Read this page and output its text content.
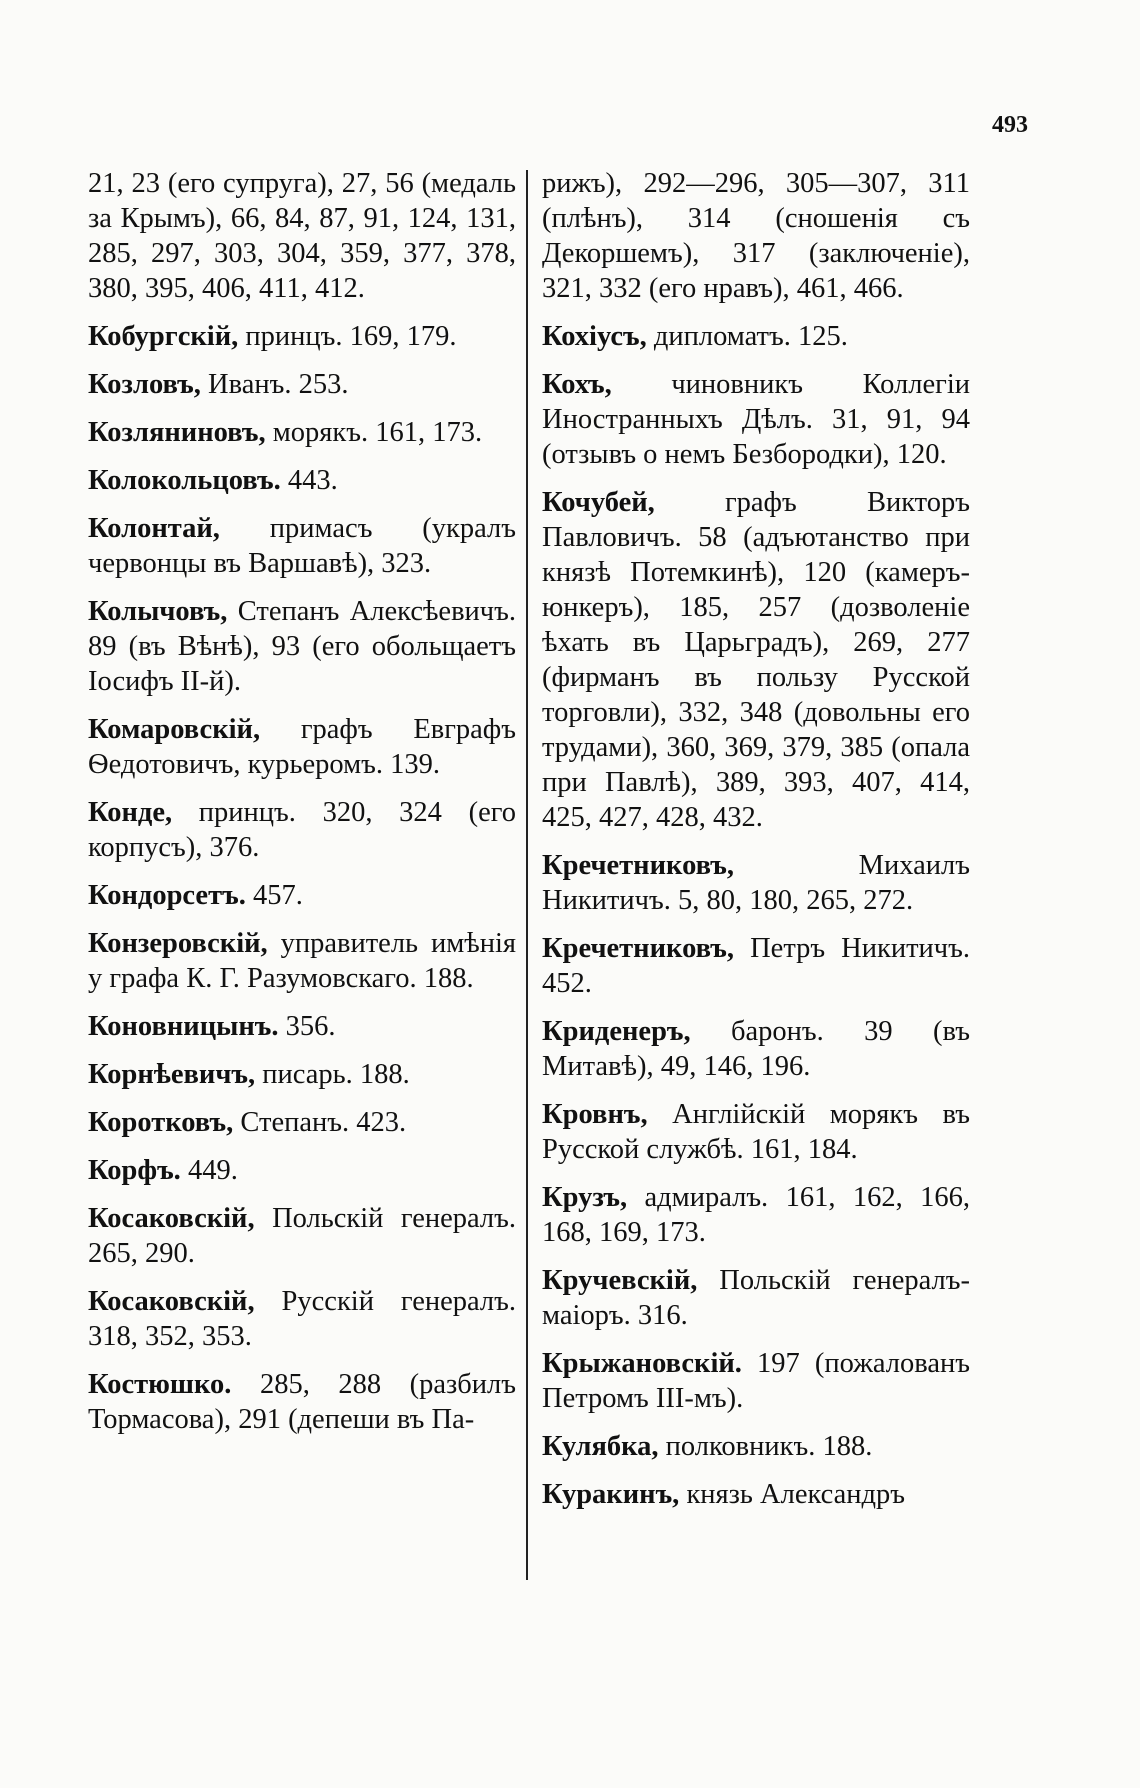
493
21, 23 (его супруга), 27, 56 (медаль за Крымъ), 66, 84, 87, 91, 124, 131, 285, 297, 303, 304, 359, 377, 378, 380, 395, 406, 411, 412.
Кобургскій, принцъ. 169, 179.
Козловъ, Иванъ. 253.
Козляниновъ, морякъ. 161, 173.
Колокольцовъ. 443.
Колонтай, примасъ (укралъ червонцы въ Варшавѣ), 323.
Колычовъ, Степанъ Алексѣевичъ. 89 (въ Вѣнѣ), 93 (его обольщаетъ Іосифъ II-й).
Комаровскій, графъ Евграфъ Ѳедотовичъ, курьеромъ. 139.
Конде, принцъ. 320, 324 (его корпусъ), 376.
Кондорсетъ. 457.
Конзеровскій, управитель имѣнія у графа К. Г. Разумовскаго. 188.
Коновницынъ. 356.
Корнѣевичъ, писарь. 188.
Коротковъ, Степанъ. 423.
Корфъ. 449.
Косаковскій, Польскій генералъ. 265, 290.
Косаковскій, Русскій генералъ. 318, 352, 353.
Костюшко. 285, 288 (разбилъ Тормасова), 291 (депеши въ Па-
рижъ), 292—296, 305—307, 311 (плѣнъ), 314 (сношенія съ Декоршемъ), 317 (заключеніе), 321, 332 (его нравъ), 461, 466.
Кохіусъ, дипломатъ. 125.
Кохъ, чиновникъ Коллегіи Иностранныхъ Дѣлъ. 31, 91, 94 (отзывъ о немъ Безбородки), 120.
Кочубей, графъ Викторъ Павловичъ. 58 (адъютанство при князѣ Потемкинѣ), 120 (камеръ-юнкеръ), 185, 257 (дозволеніе ѣхать въ Царьградъ), 269, 277 (фирманъ въ пользу Русской торговли), 332, 348 (довольны его трудами), 360, 369, 379, 385 (опала при Павлѣ), 389, 393, 407, 414, 425, 427, 428, 432.
Кречетниковъ, Михаилъ Никитичъ. 5, 80, 180, 265, 272.
Кречетниковъ, Петръ Никитичъ. 452.
Криденеръ, баронъ. 39 (въ Митавѣ), 49, 146, 196.
Кровнъ, Англійскій морякъ въ Русской службѣ. 161, 184.
Крузъ, адмиралъ. 161, 162, 166, 168, 169, 173.
Кручевскій, Польскій генералъ-маіоръ. 316.
Крыжановскій. 197 (пожалованъ Петромъ III-мъ).
Кулябка, полковникъ. 188.
Куракинъ, князь Александръ
